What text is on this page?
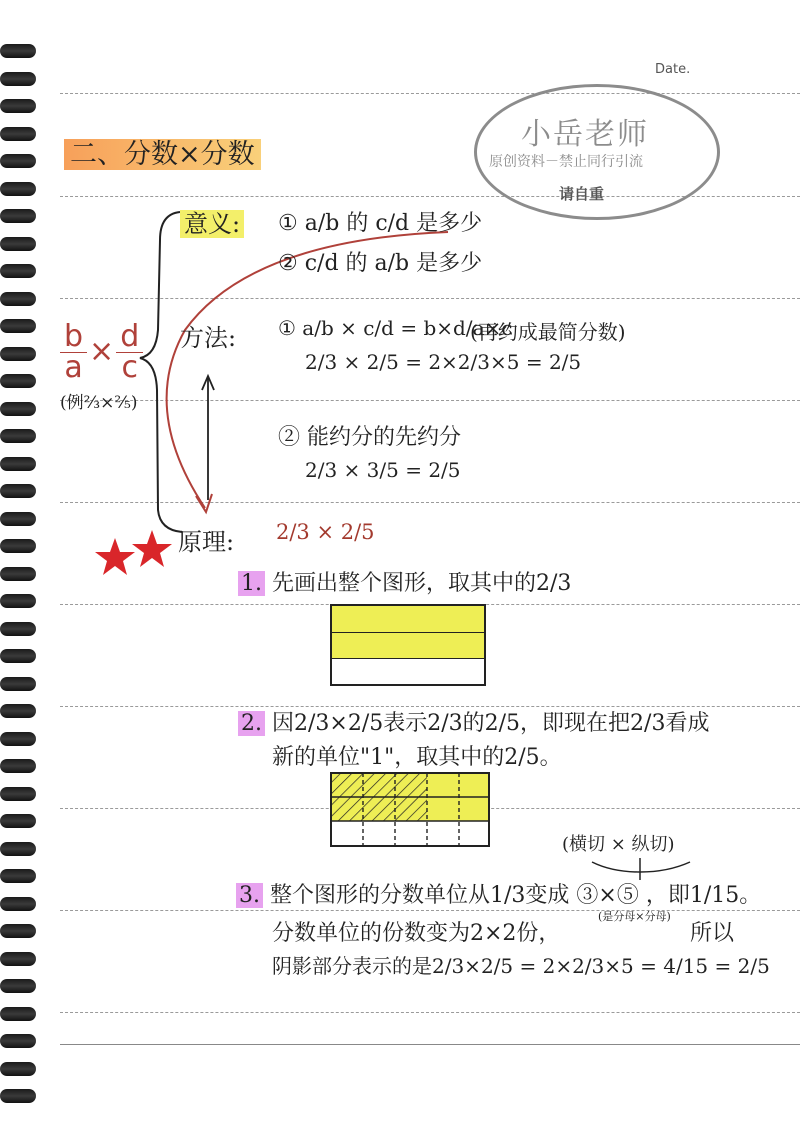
Date.
小岳老师
原创资料－禁止同行引流
请自重
二、分数×分数
$\frac{b}{a} \times \frac{d}{c}$
(例⅔×⅖)
意义: ① a/b 的 c/d 是多少
② c/d 的 a/b 是多少
方法: ① a/b × c/d = b×d/a×c
(再约成最简分数)
2/3 × 2/5 = 2×2/3×5 = 2/5
② 能约分的先约分
2/3 × 3/5 = 2/5
原理: 2/3 × 2/5
1. 先画出整个图形，取其中的2/3
2. 因2/3×2/5表示2/3的2/5，即现在把2/3看成
新的单位"1"，取其中的2/5。
(横切 × 纵切)
3. 整个图形的分数单位从1/3变成 ③×⑤ ，即1/15。
(是分母×分母)
分数单位的份数变为2×2份，	所以
阴影部分表示的是2/3×2/5 = 2×2/3×5 = 4/15 = 2/5
